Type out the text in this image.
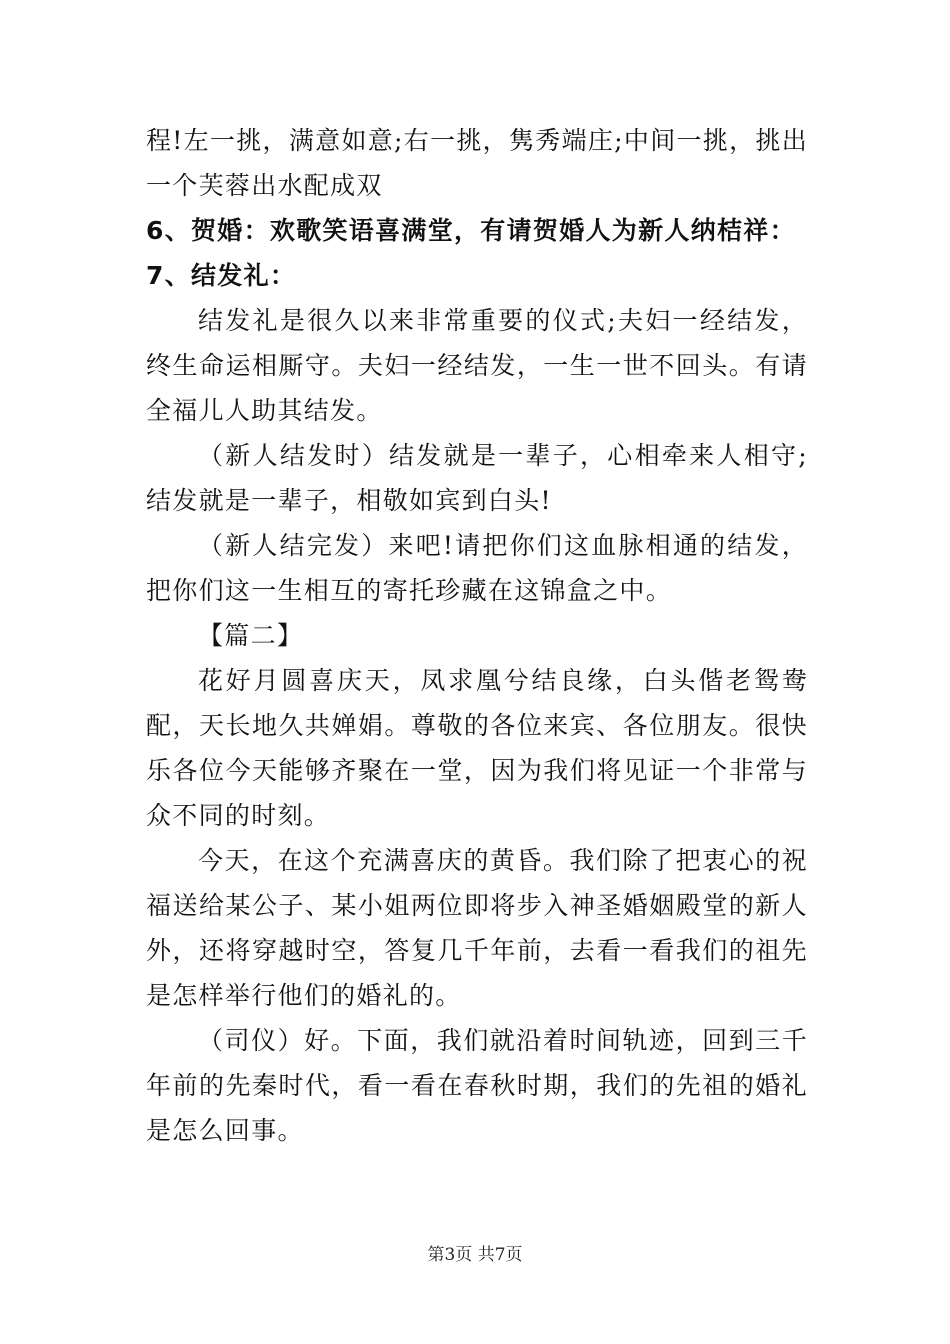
程!左一挑，满意如意;右一挑，隽秀端庄;中间一挑，挑出一个芙蓉出水配成双

6、贺婚：欢歌笑语喜满堂，有请贺婚人为新人纳桔祥：

7、结发礼：

结发礼是很久以来非常重要的仪式;夫妇一经结发，终生命运相厮守。夫妇一经结发，一生一世不回头。有请全福儿人助其结发。

（新人结发时）结发就是一辈子，心相牵来人相守;结发就是一辈子，相敬如宾到白头!

（新人结完发）来吧!请把你们这血脉相通的结发，把你们这一生相互的寄托珍藏在这锦盒之中。

【篇二】

花好月圆喜庆天，凤求凰兮结良缘，白头偕老鸳鸯配，天长地久共婵娟。尊敬的各位来宾、各位朋友。很快乐各位今天能够齐聚在一堂，因为我们将见证一个非常与众不同的时刻。

今天，在这个充满喜庆的黄昏。我们除了把衷心的祝福送给某公子、某小姐两位即将步入神圣婚姻殿堂的新人外，还将穿越时空，答复几千年前，去看一看我们的祖先是怎样举行他们的婚礼的。

（司仪）好。下面，我们就沿着时间轨迹，回到三千年前的先秦时代，看一看在春秋时期，我们的先祖的婚礼是怎么回事。

第3页 共7页
